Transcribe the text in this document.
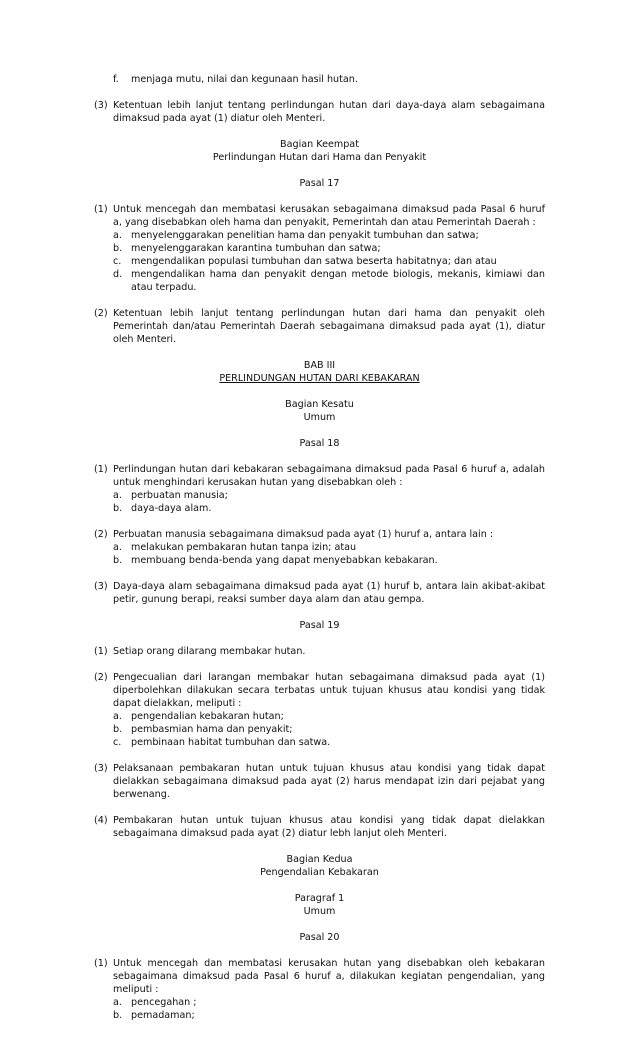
f. menjaga mutu, nilai dan kegunaan hasil hutan.
(3) Ketentuan lebih lanjut tentang perlindungan hutan dari daya-daya alam sebagaimana dimaksud pada ayat (1) diatur oleh Menteri.
Bagian Keempat
Perlindungan Hutan dari Hama dan Penyakit
Pasal 17
(1) Untuk mencegah dan membatasi kerusakan sebagaimana dimaksud pada Pasal 6 huruf a, yang disebabkan oleh hama dan penyakit, Pemerintah dan atau Pemerintah Daerah :
a. menyelenggarakan penelitian hama dan penyakit tumbuhan dan satwa;
b. menyelenggarakan karantina tumbuhan dan satwa;
c. mengendalikan populasi tumbuhan dan satwa beserta habitatnya; dan atau
d. mengendalikan hama dan penyakit dengan metode biologis, mekanis, kimiawi dan atau terpadu.
(2) Ketentuan lebih lanjut tentang perlindungan hutan dari hama dan penyakit oleh Pemerintah dan/atau Pemerintah Daerah sebagaimana dimaksud pada ayat (1), diatur oleh Menteri.
BAB III
PERLINDUNGAN HUTAN DARI KEBAKARAN
Bagian Kesatu
Umum
Pasal 18
(1) Perlindungan hutan dari kebakaran sebagaimana dimaksud pada Pasal 6 huruf a, adalah untuk menghindari kerusakan hutan yang disebabkan oleh :
a. perbuatan manusia;
b. daya-daya alam.
(2) Perbuatan manusia sebagaimana dimaksud pada ayat (1) huruf a, antara lain :
a. melakukan pembakaran hutan tanpa izin; atau
b. membuang benda-benda yang dapat menyebabkan kebakaran.
(3) Daya-daya alam sebagaimana dimaksud pada ayat (1) huruf b, antara lain akibat-akibat petir, gunung berapi, reaksi sumber daya alam dan atau gempa.
Pasal 19
(1) Setiap orang dilarang membakar hutan.
(2) Pengecualian dari larangan membakar hutan sebagaimana dimaksud pada ayat (1) diperbolehkan dilakukan secara terbatas untuk tujuan khusus atau kondisi yang tidak dapat dielakkan, meliputi :
a. pengendalian kebakaran hutan;
b. pembasmian hama dan penyakit;
c. pembinaan habitat tumbuhan dan satwa.
(3) Pelaksanaan pembakaran hutan untuk tujuan khusus atau kondisi yang tidak dapat dielakkan sebagaimana dimaksud pada ayat (2) harus mendapat izin dari pejabat yang berwenang.
(4) Pembakaran hutan untuk tujuan khusus atau kondisi yang tidak dapat dielakkan sebagaimana dimaksud pada ayat (2) diatur lebh lanjut oleh Menteri.
Bagian Kedua
Pengendalian Kebakaran
Paragraf 1
Umum
Pasal 20
(1) Untuk mencegah dan membatasi kerusakan hutan yang disebabkan oleh kebakaran sebagaimana dimaksud pada Pasal 6 huruf a, dilakukan kegiatan pengendalian, yang meliputi :
a. pencegahan ;
b. pemadaman;
